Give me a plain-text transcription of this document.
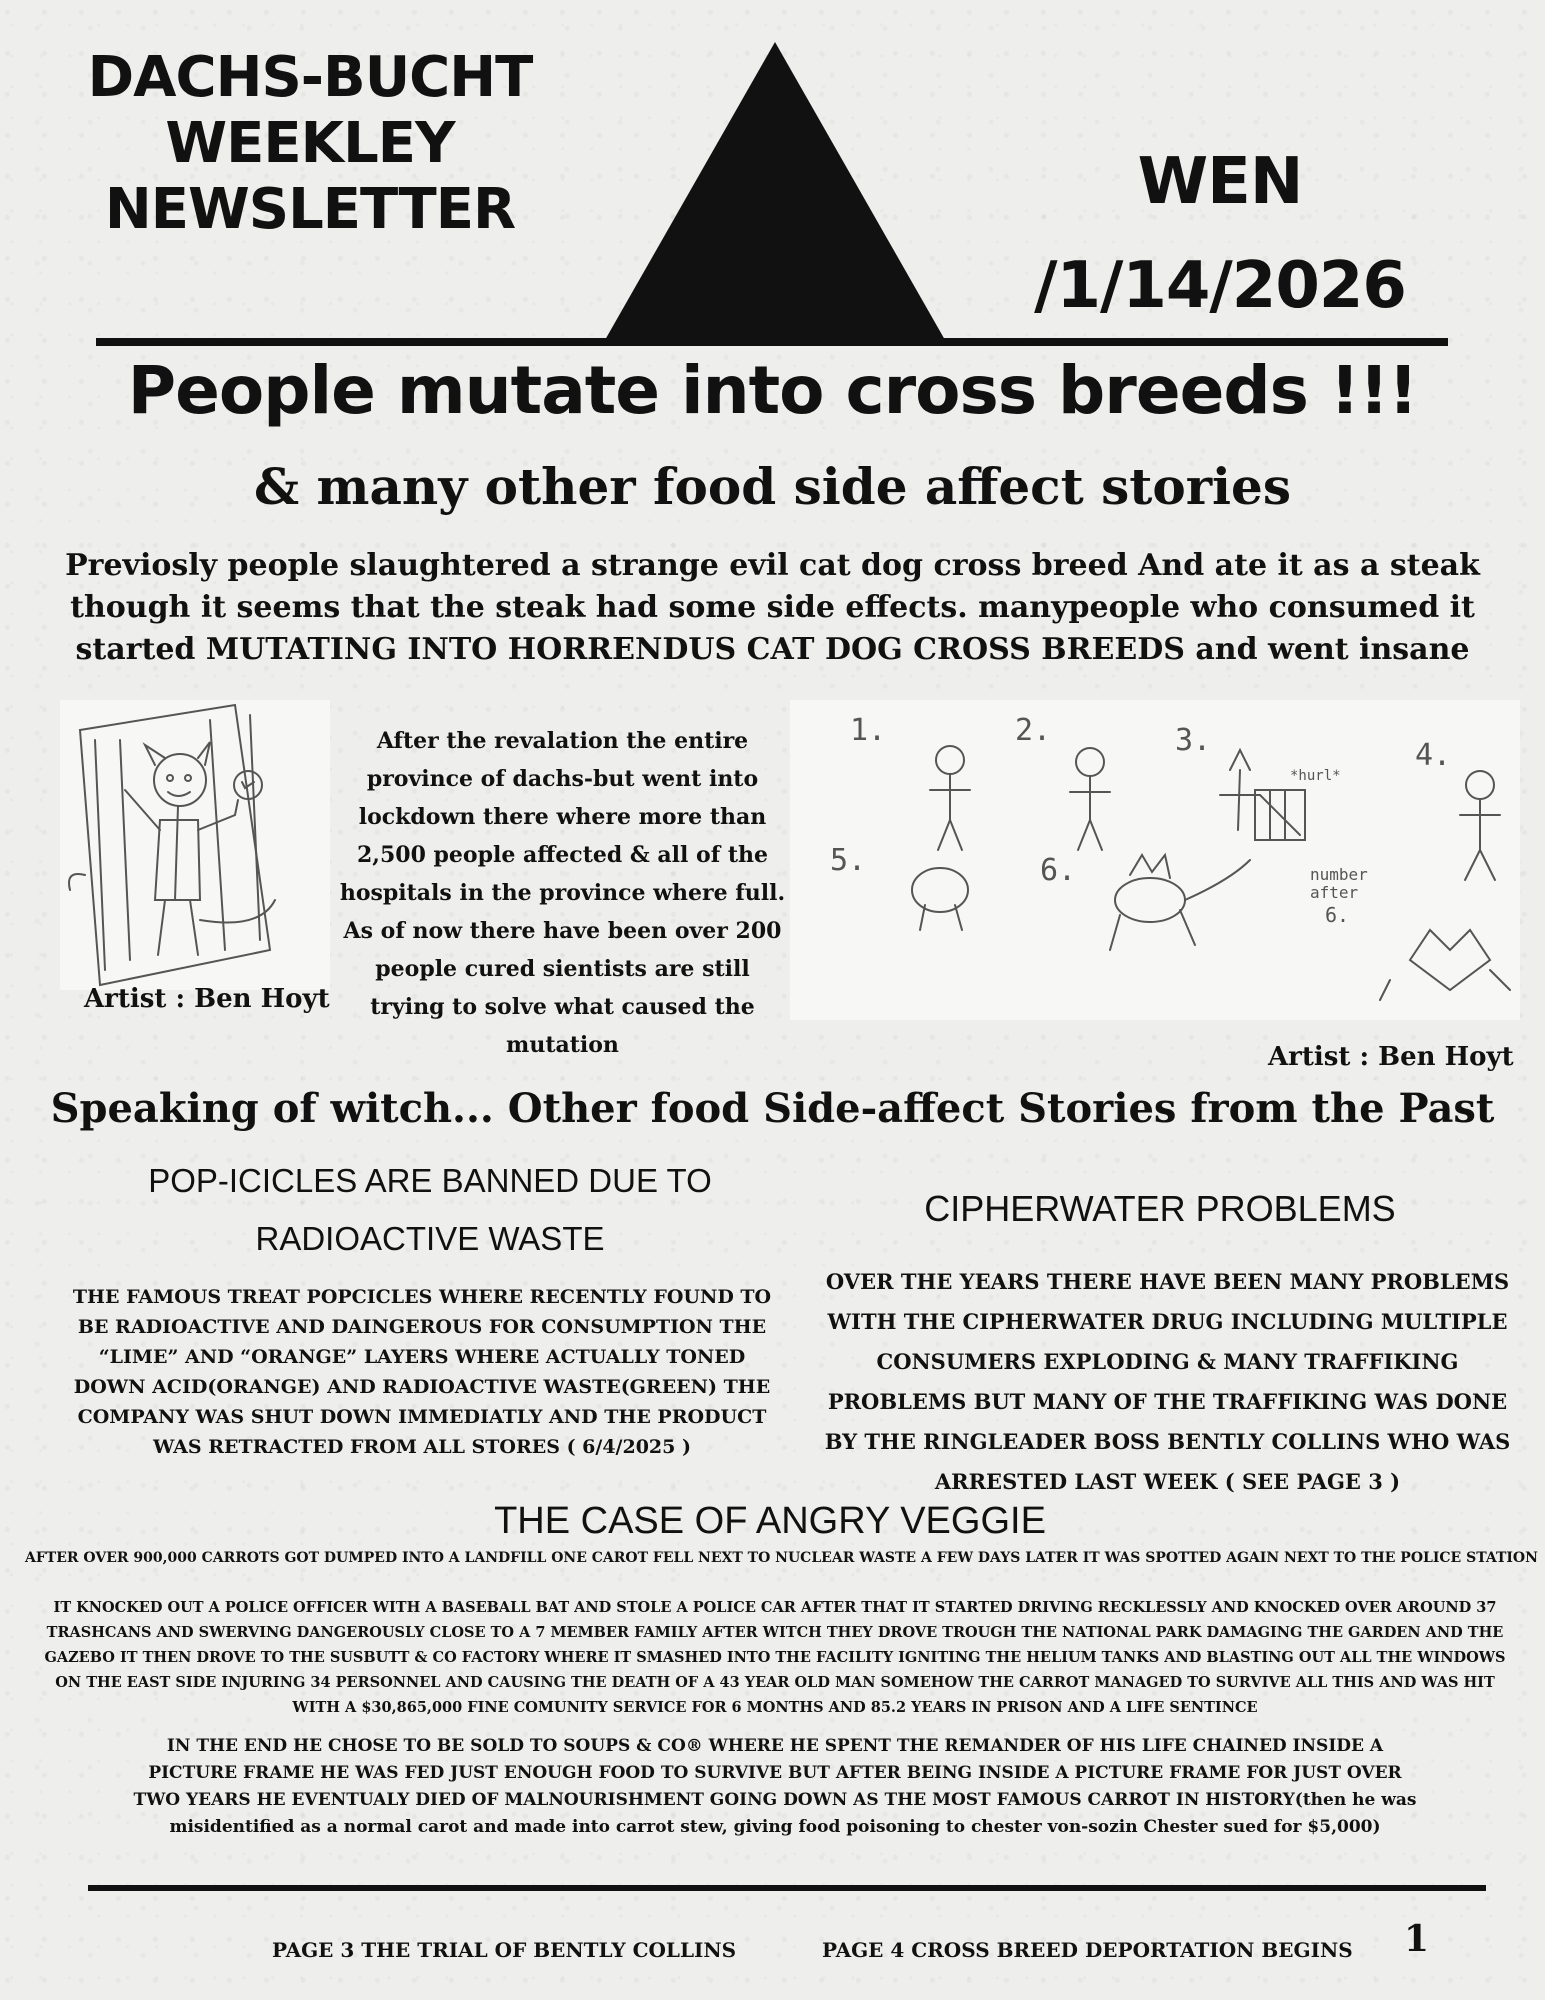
DACHS-BUCHT
WEEKLEY
NEWSLETTER	WEN
/1/14/2026
People mutate into cross breeds !!!
& many other food side affect stories
Previosly people slaughtered a strange evil cat dog cross breed And ate it as a steak
though it seems that the steak had some side effects. manypeople who consumed it
started MUTATING INTO HORRENDUS CAT DOG CROSS BREEDS and went insane
Artist : Ben Hoyt
After the revalation the entire province of dachs-but went into lockdown there where more than 2,500 people affected & all of the hospitals in the province where full. As of now there have been over 200 people cured sientists are still trying to solve what caused the mutation
1.	2.	3.	4.
5.	6.
*hurl*
number
after
6.
Artist : Ben Hoyt
Speaking of witch... Other food Side-affect Stories from the Past
POP-ICICLES ARE BANNED DUE TO
RADIOACTIVE WASTE
THE FAMOUS TREAT POPCICLES WHERE RECENTLY FOUND TO BE RADIOACTIVE AND DAINGEROUS FOR CONSUMPTION THE “LIME” AND “ORANGE” LAYERS WHERE ACTUALLY TONED DOWN ACID(ORANGE) AND RADIOACTIVE WASTE(GREEN) THE COMPANY WAS SHUT DOWN IMMEDIATLY AND THE PRODUCT WAS RETRACTED FROM ALL STORES ( 6/4/2025 )
CIPHERWATER PROBLEMS
OVER THE YEARS THERE HAVE BEEN MANY PROBLEMS WITH THE CIPHERWATER DRUG INCLUDING MULTIPLE CONSUMERS EXPLODING & MANY TRAFFIKING PROBLEMS BUT MANY OF THE TRAFFIKING WAS DONE BY THE RINGLEADER BOSS BENTLY COLLINS WHO WAS ARRESTED LAST WEEK ( SEE PAGE 3 )
THE CASE OF ANGRY VEGGIE
AFTER OVER 900,000 CARROTS GOT DUMPED INTO A LANDFILL ONE CAROT FELL NEXT TO NUCLEAR WASTE A FEW DAYS LATER IT WAS SPOTTED AGAIN NEXT TO THE POLICE STATION
IT KNOCKED OUT A POLICE OFFICER WITH A BASEBALL BAT AND STOLE A POLICE CAR AFTER THAT IT STARTED DRIVING RECKLESSLY AND KNOCKED OVER AROUND 37 TRASHCANS AND SWERVING DANGEROUSLY CLOSE TO A 7 MEMBER FAMILY AFTER WITCH THEY DROVE TROUGH THE NATIONAL PARK DAMAGING THE GARDEN AND THE GAZEBO IT THEN DROVE TO THE SUSBUTT & CO FACTORY WHERE IT SMASHED INTO THE FACILITY IGNITING THE HELIUM TANKS AND BLASTING OUT ALL THE WINDOWS ON THE EAST SIDE INJURING 34 PERSONNEL AND CAUSING THE DEATH OF A 43 YEAR OLD MAN SOMEHOW THE CARROT MANAGED TO SURVIVE ALL THIS AND WAS HIT WITH A $30,865,000 FINE COMUNITY SERVICE FOR 6 MONTHS AND 85.2 YEARS IN PRISON AND A LIFE SENTINCE
IN THE END HE CHOSE TO BE SOLD TO SOUPS & CO® WHERE HE SPENT THE REMANDER OF HIS LIFE CHAINED INSIDE A PICTURE FRAME HE WAS FED JUST ENOUGH FOOD TO SURVIVE BUT AFTER BEING INSIDE A PICTURE FRAME FOR JUST OVER TWO YEARS HE EVENTUALY DIED OF MALNOURISHMENT GOING DOWN AS THE MOST FAMOUS CARROT IN HISTORY(then he was misidentified as a normal carot and made into carrot stew, giving food poisoning to chester von-sozin Chester sued for $5,000)
PAGE 3 THE TRIAL OF BENTLY COLLINS	PAGE 4 CROSS BREED DEPORTATION BEGINS 1
